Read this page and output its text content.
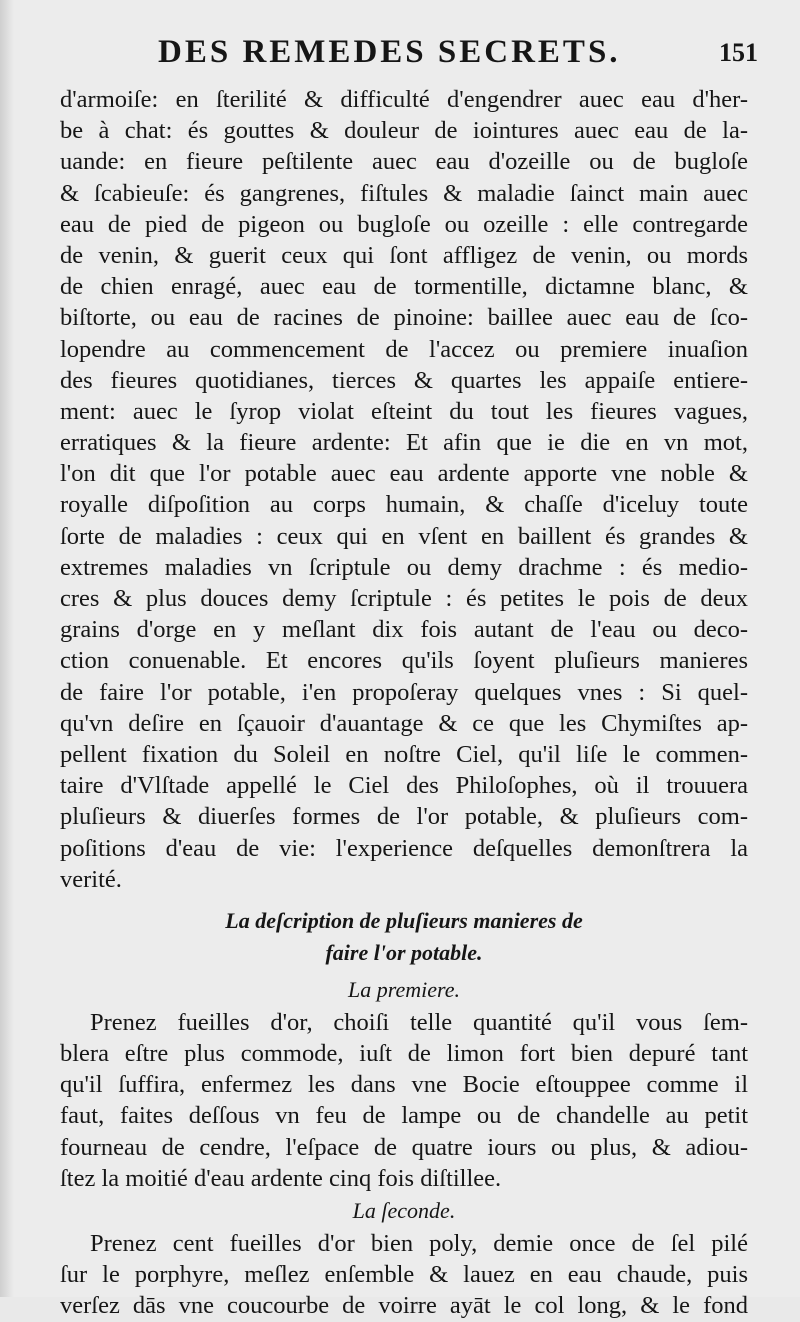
DES REMEDES SECRETS.	151
d'armoiſe: en ſterilité & difficulté d'engendrer auec eau d'her-
be à chat: és gouttes & douleur de iointures auec eau de la-
uande: en fieure peſtilente auec eau d'ozeille ou de bugloſe
& ſcabieuſe: és gangrenes, fiſtules & maladie ſainct main auec
eau de pied de pigeon ou bugloſe ou ozeille : elle contregarde
de venin, & guerit ceux qui ſont affligez de venin, ou mords
de chien enragé, auec eau de tormentille, dictamne blanc, &
biſtorte, ou eau de racines de pinoine: baillee auec eau de ſco-
lopendre au commencement de l'accez ou premiere inuaſion
des fieures quotidianes, tierces & quartes les appaiſe entiere-
ment: auec le ſyrop violat eſteint du tout les fieures vagues,
erratiques & la fieure ardente: Et afin que ie die en vn mot,
l'on dit que l'or potable auec eau ardente apporte vne noble &
royalle diſpoſition au corps humain, & chaſſe d'iceluy toute
ſorte de maladies : ceux qui en vſent en baillent és grandes &
extremes maladies vn ſcriptule ou demy drachme : és medio-
cres & plus douces demy ſcriptule : és petites le pois de deux
grains d'orge en y meſlant dix fois autant de l'eau ou deco-
ction conuenable. Et encores qu'ils ſoyent pluſieurs manieres
de faire l'or potable, i'en propoſeray quelques vnes : Si quel-
qu'vn deſire en ſçauoir d'auantage & ce que les Chymiſtes ap-
pellent fixation du Soleil en noſtre Ciel, qu'il liſe le commen-
taire d'Vlſtade appellé le Ciel des Philoſophes, où il trouuera
pluſieurs & diuerſes formes de l'or potable, & pluſieurs com-
poſitions d'eau de vie: l'experience deſquelles demonſtrera la
verité.
La deſcription de pluſieurs manieres de
faire l'or potable.
La premiere.
Prenez fueilles d'or, choiſi telle quantité qu'il vous ſem-
blera eſtre plus commode, iuſt de limon fort bien depuré tant
qu'il ſuffira, enfermez les dans vne Bocie eſtouppee comme il
faut, faites deſſous vn feu de lampe ou de chandelle au petit
fourneau de cendre, l'eſpace de quatre iours ou plus, & adiou-
ſtez la moitié d'eau ardente cinq fois diſtillee.
La ſeconde.
Prenez cent fueilles d'or bien poly, demie once de ſel pilé
ſur le porphyre, meſlez enſemble & lauez en eau chaude, puis
verſez dās vne coucourbe de voirre ayāt le col long, & le fond
